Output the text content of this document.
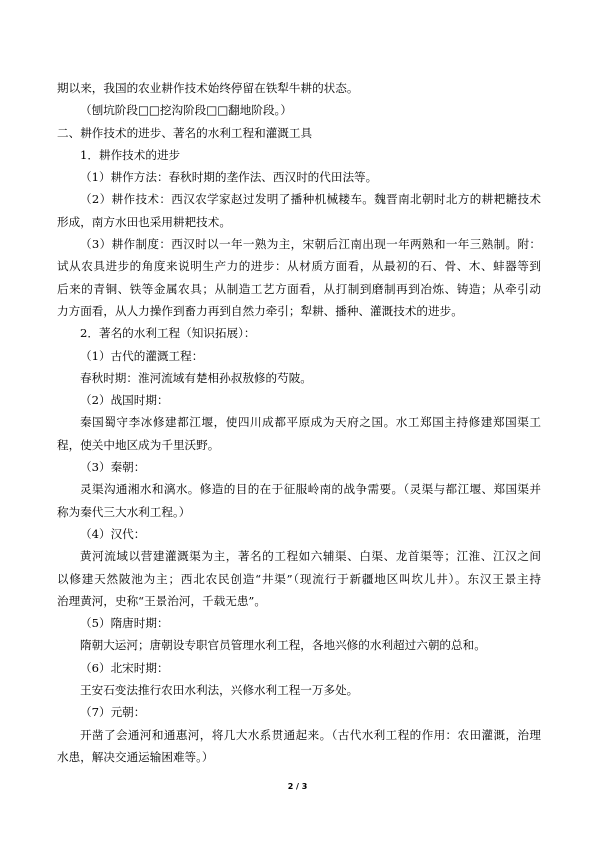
期以来，我国的农业耕作技术始终停留在铁犁牛耕的状态。
（刨坑阶段□□挖沟阶段□□翻地阶段。）
二、耕作技术的进步、著名的水利工程和灌溉工具
1．耕作技术的进步
（1）耕作方法：春秋时期的垄作法、西汉时的代田法等。
（2）耕作技术：西汉农学家赵过发明了播种机械耧车。魏晋南北朝时北方的耕耙耱技术
形成，南方水田也采用耕耙技术。
（3）耕作制度：西汉时以一年一熟为主，宋朝后江南出现一年两熟和一年三熟制。附：
试从农具进步的角度来说明生产力的进步：从材质方面看，从最初的石、骨、木、蚌器等到
后来的青铜、铁等金属农具；从制造工艺方面看，从打制到磨制再到冶炼、铸造；从牵引动
力方面看，从人力操作到畜力再到自然力牵引；犁耕、播种、灌溉技术的进步。
2．著名的水利工程（知识拓展）：
（1）古代的灌溉工程：
春秋时期：淮河流域有楚相孙叔敖修的芍陂。
（2）战国时期：
秦国蜀守李冰修建都江堰，使四川成都平原成为天府之国。水工郑国主持修建郑国渠工
程，使关中地区成为千里沃野。
（3）秦朝：
灵渠沟通湘水和漓水。修造的目的在于征服岭南的战争需要。（灵渠与都江堰、郑国渠并
称为秦代三大水利工程。）
（4）汉代：
黄河流域以营建灌溉渠为主，著名的工程如六辅渠、白渠、龙首渠等；江淮、江汉之间
以修建天然陂池为主；西北农民创造“井渠”（现流行于新疆地区叫坎儿井）。东汉王景主持
治理黄河，史称“王景治河，千载无患”。
（5）隋唐时期：
隋朝大运河；唐朝设专职官员管理水利工程，各地兴修的水利超过六朝的总和。
（6）北宋时期：
王安石变法推行农田水利法，兴修水利工程一万多处。
（7）元朝：
开凿了会通河和通惠河，将几大水系贯通起来。（古代水利工程的作用：农田灌溉，治理
水患，解决交通运输困难等。）
2 / 3
